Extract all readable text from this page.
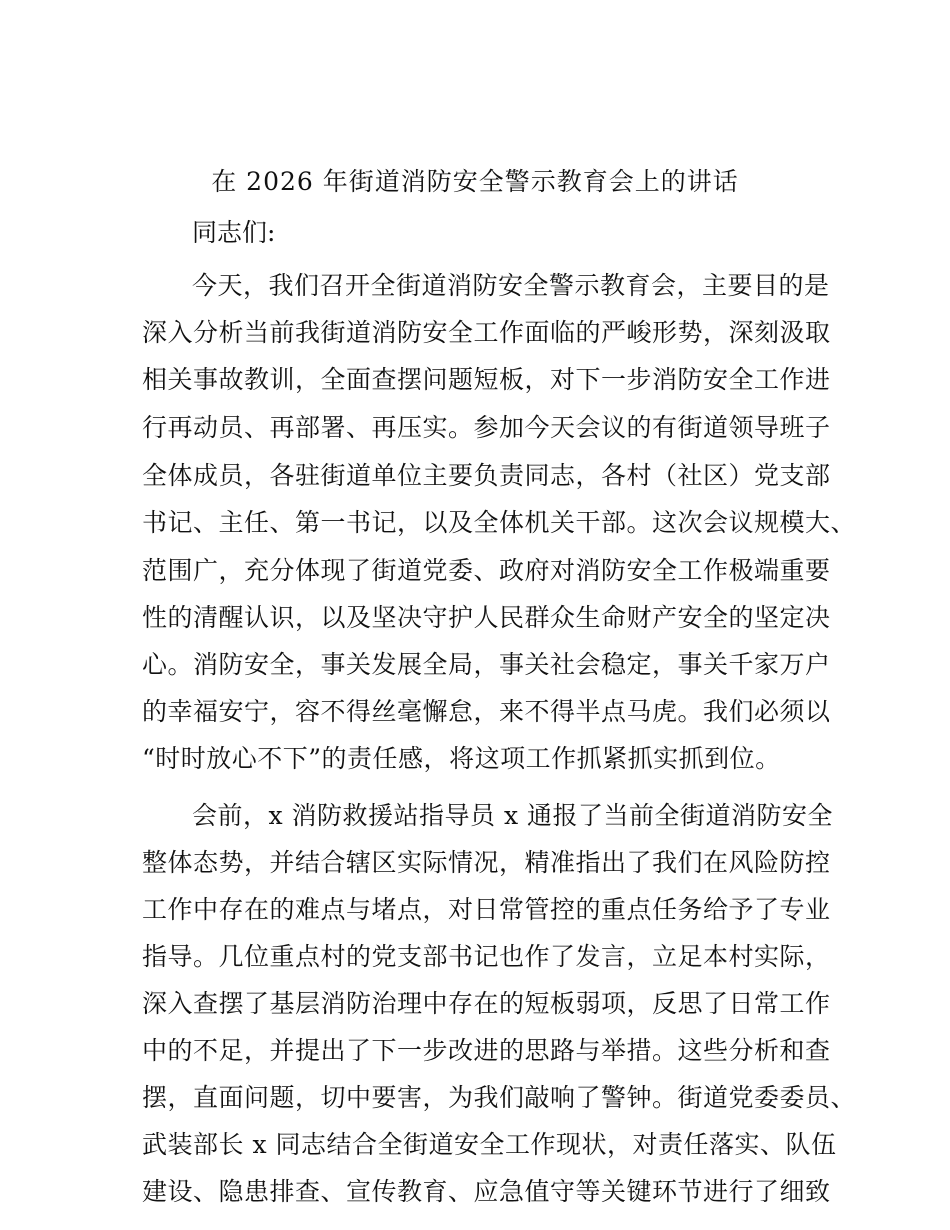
在 2026 年街道消防安全警示教育会上的讲话
同志们:
今天，我们召开全街道消防安全警示教育会，主要目的是
深入分析当前我街道消防安全工作面临的严峻形势，深刻汲取
相关事故教训，全面查摆问题短板，对下一步消防安全工作进
行再动员、再部署、再压实。参加今天会议的有街道领导班子
全体成员，各驻街道单位主要负责同志，各村（社区）党支部
书记、主任、第一书记，以及全体机关干部。这次会议规模大、
范围广，充分体现了街道党委、政府对消防安全工作极端重要
性的清醒认识，以及坚决守护人民群众生命财产安全的坚定决
心。消防安全，事关发展全局，事关社会稳定，事关千家万户
的幸福安宁，容不得丝毫懈怠，来不得半点马虎。我们必须以
“时时放心不下”的责任感，将这项工作抓紧抓实抓到位。
会前，x 消防救援站指导员 x 通报了当前全街道消防安全
整体态势，并结合辖区实际情况，精准指出了我们在风险防控
工作中存在的难点与堵点，对日常管控的重点任务给予了专业
指导。几位重点村的党支部书记也作了发言，立足本村实际，
深入查摆了基层消防治理中存在的短板弱项，反思了日常工作
中的不足，并提出了下一步改进的思路与举措。这些分析和查
摆，直面问题，切中要害，为我们敲响了警钟。街道党委委员、
武装部长 x 同志结合全街道安全工作现状，对责任落实、队伍
建设、隐患排查、宣传教育、应急值守等关键环节进行了细致
